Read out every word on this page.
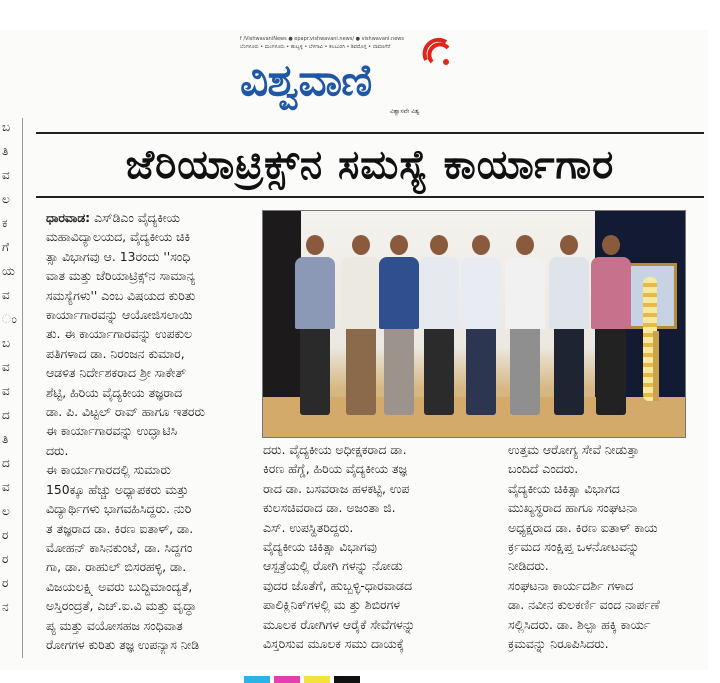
f /VishwavaniNews ● epapr.vishwavani.news/ ● vishwavani.news
ಬೆಂಗಳೂರು • ಮಂಗಳೂರು • ಹುಬ್ಬಳ್ಳಿ • ಬೆಳಗಾವಿ • ಕಲಬುರಗಿ • ಶಿವಮೊಗ್ಗ • ದಾವಣಗೆರೆ
ವಿಶ್ವವಾಣಿ
ವಿಶ್ವಾಸವೇ ವಿಶ್ವ
ಬ
ತಿ
ವ
ಲ
ಕ
ಗೆ
ಯ
ವ
ಂ
ಬ
ವ
ವ
ದ
ತಿ
ದ
ವ
ಲ
ರ
ರ
ರ
ನ
ಜೆರಿಯಾಟ್ರಿಕ್ಸ್‌ನ ಸಮಸ್ಯೆ ಕಾರ್ಯಾಗಾರ
ಧಾರವಾಡ: ಎಸ್‌ಡಿಎಂ ವೈದ್ಯಕೀಯ
ಮಹಾವಿದ್ಯಾಲಯದ, ವೈದ್ಯಕೀಯ ಚಿಕಿ
ತ್ಸಾ ವಿಭಾಗವು ಆ. 13ರಂದು ''ಸಂಧಿ
ವಾತ ಮತ್ತು ಜೆರಿಯಾಟ್ರಿಕ್ಸ್‌ನ ಸಾಮಾನ್ಯ
ಸಮಸ್ಯೆಗಳು'' ಎಂಬ ವಿಷಯದ ಕುರಿತು
ಕಾರ್ಯಾಗಾರವನ್ನು ಆಯೋಜಿಸಲಾಯಿ
ತು. ಈ ಕಾರ್ಯಾಗಾರವನ್ನು ಉಪಕುಲ
ಪತಿಗಳಾದ ಡಾ. ನಿರಂಜನ ಕುಮಾರ,
ಆಡಳಿತ ನಿರ್ದೇಶಕರಾದ ಶ್ರೀ ಸಾಕೇತ್
ಶೆಟ್ಟಿ, ಹಿರಿಯ ವೈದ್ಯಕೀಯ ತಜ್ಞರಾದ
ಡಾ. ಪಿ. ವಿಟ್ಟಲ್ ರಾವ್ ಹಾಗೂ ಇತರರು
ಈ ಕಾರ್ಯಾಗಾರವನ್ನು ಉದ್ಘಾಟಿಸಿ
ದರು.
ಈ ಕಾರ್ಯಾಗಾರದಲ್ಲಿ ಸುಮಾರು
150ಕ್ಕೂ ಹೆಚ್ಚು ಅಧ್ಯಾಪಕರು ಮತ್ತು
ವಿದ್ಯಾರ್ಥಿಗಳು ಭಾಗವಹಿಸಿದ್ದರು. ನುರಿ
ತ ತಜ್ಞರಾದ ಡಾ. ಕಿರಣ ಐತಾಳ್, ಡಾ.
ಮೋಹನ್ ಕಾಸಿನಕುಂಟೆ, ಡಾ. ಸಿದ್ದಗಂ
ಗಾ, ಡಾ. ರಾಹುಲ್ ಬಿಸರಹಳ್ಳಿ, ಡಾ.
ವಿಜಯಲಕ್ಷ್ಮಿ ಅವರು ಬುದ್ಧಿಮಾಂದ್ಯತೆ,
ಅಸ್ತಿರಂದ್ರತೆ, ಎಚ್.ಐ.ವಿ ಮತ್ತು ವೃದ್ಧಾ
ಪ್ಯ ಮತ್ತು ವಯೋಸಹಜ ಸಂಧಿವಾತ
ರೋಗಗಳ ಕುರಿತು ತಜ್ಞ ಉಪನ್ಯಾಸ ನೀಡಿ
ದರು. ವೈದ್ಯಕೀಯ ಅಧೀಕ್ಷಕರಾದ ಡಾ.
ಕಿರಣ ಹೆಗ್ಡೆ, ಹಿರಿಯ ವೈದ್ಯಕೀಯ ತಜ್ಞ
ರಾದ ಡಾ. ಬಸವರಾಜ ಹಳಕಟ್ಟಿ, ಉಪ
ಕುಲಸಚಿವರಾದ ಡಾ. ಅಜಂತಾ ಜಿ.
ಎಸ್. ಉಪಸ್ಥಿತರಿದ್ದರು.
ವೈದ್ಯಕೀಯ ಚಿಕಿತ್ಸಾ ವಿಭಾಗವು
ಆಸ್ಪತ್ರೆಯಲ್ಲಿ ರೋಗಿ ಗಳನ್ನು ನೋಡು
ವುದರ ಜೊತೆಗೆ, ಹುಬ್ಬಳ್ಳಿ-ಧಾರವಾಡದ
ಪಾಲಿಕ್ಲಿನಿಕ್‌ಗಳಲ್ಲಿ ಮ ತ್ತು ಶಿಬಿರಗಳ
ಮೂಲಕ ರೋಗಿಗಳ ಆರೈಕೆ ಸೇವೆಗಳನ್ನು
ವಿಸ್ತರಿಸುವ ಮೂಲಕ ಸಮು ದಾಯಕ್ಕೆ
ಉತ್ತಮ ಆರೋಗ್ಯ ಸೇವೆ ನೀಡುತ್ತಾ
ಬಂದಿದೆ ಎಂದರು.
ವೈದ್ಯಕೀಯ ಚಿಕಿತ್ಸಾ ವಿಭಾಗದ
ಮುಖ್ಯಸ್ಥರಾದ ಹಾಗೂ ಸಂಘಟನಾ
ಅಧ್ಯಕ್ಷರಾದ ಡಾ. ಕಿರಣ ಐತಾಳ್ ಕಾಯ
ರ್ಕ್ರಮದ ಸಂಕ್ಷಿಪ್ತ ಒಳನೋಟವನ್ನು
ನೀಡಿದರು.
ಸಂಘಟನಾ ಕಾರ್ಯದರ್ಶಿ ಗಳಾದ
ಡಾ. ನವೀನ ಕುಲಕರ್ಣಿ ವಂದ ನಾರ್ಪಣೆ
ಸಲ್ಲಿಸಿದರು. ಡಾ. ಶಿಲ್ಪಾ ಹಕ್ಕಿ ಕಾರ್ಯ
ಕ್ರಮವನ್ನು ನಿರೂಪಿಸಿದರು.
